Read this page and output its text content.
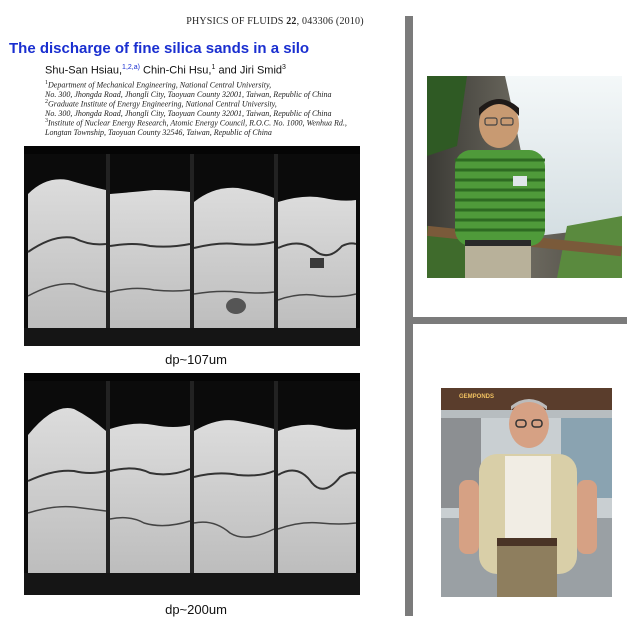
PHYSICS OF FLUIDS 22, 043306 (2010)
The discharge of fine silica sands in a silo
Shu-San Hsiau,$^{1,2,a)}$ Chin-Chi Hsu,$^1$ and Jiri Smid$^3$
$^1$Department of Mechanical Engineering, National Central University,
No. 300, Jhongda Road, Jhongli City, Taoyuan County 32001, Taiwan, Republic of China
$^2$Graduate Institute of Energy Engineering, National Central University,
No. 300, Jhongda Road, Jhongli City, Taoyuan County 32001, Taiwan, Republic of China
$^3$Institute of Nuclear Energy Research, Atomic Energy Council, R.O.C. No. 1000, Wenhua Rd.,
Longtan Township, Taoyuan County 32546, Taiwan, Republic of China
dp~107um
dp~200um
GEMPONDS
